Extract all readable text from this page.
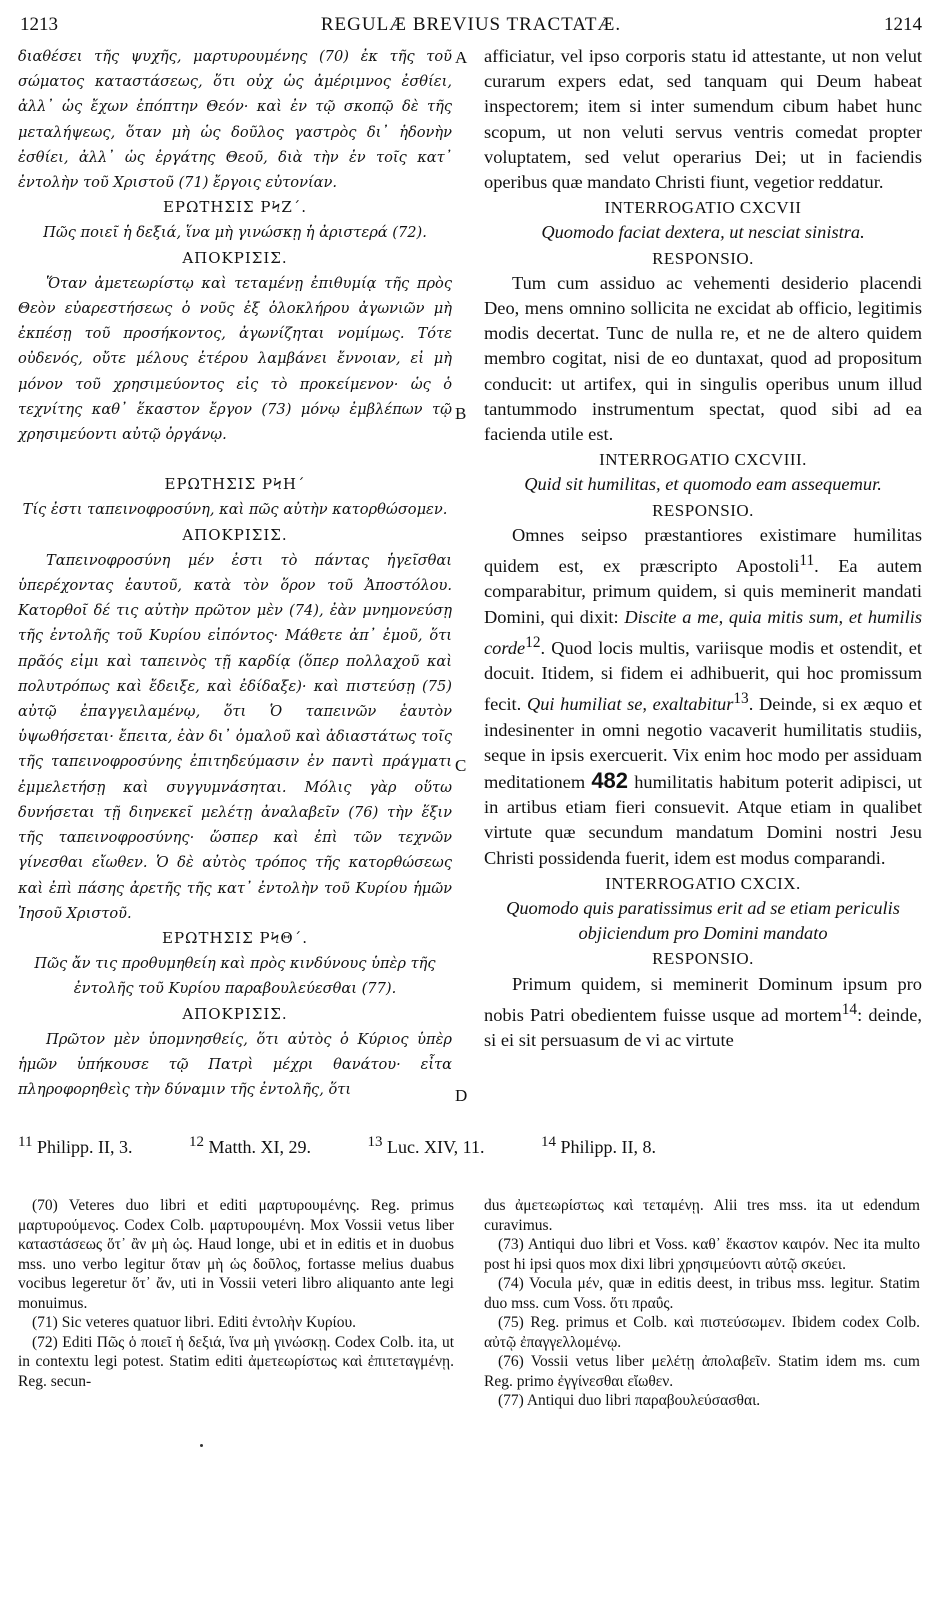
1213	REGULÆ BREVIUS TRACTATÆ.	1214
A
B
C
D

διαθέσει τῆς ψυχῆς, μαρτυρουμένης (70) ἐκ τῆς τοῦ σώματος καταστάσεως, ὅτι οὐχ ὡς ἀμέριμνος ἐσθίει, ἀλλ᾽ ὡς ἔχων ἐπόπτην Θεόν· καὶ ἐν τῷ σκοπῷ δὲ τῆς μεταλήψεως, ὅταν μὴ ὡς δοῦλος γαστρὸς δι᾽ ἡδονὴν ἐσθίει, ἀλλ᾽ ὡς ἐργάτης Θεοῦ, διὰ τὴν ἐν τοῖς κατ᾽ ἐντολὴν τοῦ Χριστοῦ (71) ἔργοις εὐτονίαν.

ΕΡΩΤΗΣΙΣ ΡϞΖ΄.

Πῶς ποιεῖ ἡ δεξιά, ἵνα μὴ γινώσκῃ ἡ ἀριστερά (72).

ΑΠΟΚΡΙΣΙΣ.

Ὅταν ἀμετεωρίστῳ καὶ τεταμένῃ ἐπιθυμίᾳ τῆς πρὸς Θεὸν εὐαρεστήσεως ὁ νοῦς ἐξ ὁλοκλήρου ἀγωνιῶν μὴ ἐκπέσῃ τοῦ προσήκοντος, ἀγωνίζηται νομίμως. Τότε οὐδενός, οὔτε μέλους ἑτέρου λαμβάνει ἔννοιαν, εἰ μὴ μόνον τοῦ χρησιμεύοντος εἰς τὸ προκείμενον· ὡς ὁ τεχνίτης καθ᾽ ἕκαστον ἔργον (73) μόνῳ ἐμβλέπων τῷ χρησιμεύοντι αὐτῷ ὀργάνῳ.

ΕΡΩΤΗΣΙΣ ΡϞΗ΄

Τίς ἐστι ταπεινοφροσύνη, καὶ πῶς αὐτὴν κατορθώσομεν.

ΑΠΟΚΡΙΣΙΣ.

Ταπεινοφροσύνη μέν ἐστι τὸ πάντας ἡγεῖσθαι ὑπερέχοντας ἑαυτοῦ, κατὰ τὸν ὅρον τοῦ Ἀποστόλου. Κατορθοῖ δέ τις αὐτὴν πρῶτον μὲν (74), ἐὰν μνημονεύσῃ τῆς ἐντολῆς τοῦ Κυρίου εἰπόντος· Μάθετε ἀπ᾽ ἐμοῦ, ὅτι πρᾶός εἰμι καὶ ταπεινὸς τῇ καρδίᾳ (ὅπερ πολλαχοῦ καὶ πολυτρόπως καὶ ἔδειξε, καὶ ἐδίδαξε)· καὶ πιστεύσῃ (75) αὐτῷ ἐπαγγειλαμένῳ, ὅτι Ὁ ταπεινῶν ἑαυτὸν ὑψωθήσεται· ἔπειτα, ἐὰν δι᾽ ὁμαλοῦ καὶ ἀδιαστάτως τοῖς τῆς ταπεινοφροσύνης ἐπιτηδεύμασιν ἐν παντὶ πράγματι ἐμμελετήσῃ καὶ συγγυμνάσηται. Μόλις γὰρ οὕτω δυνήσεται τῇ διηνεκεῖ μελέτῃ ἀναλαβεῖν (76) τὴν ἕξιν τῆς ταπεινοφροσύνης· ὥσπερ καὶ ἐπὶ τῶν τεχνῶν γίνεσθαι εἴωθεν. Ὁ δὲ αὐτὸς τρόπος τῆς κατορθώσεως καὶ ἐπὶ πάσης ἀρετῆς τῆς κατ᾽ ἐντολὴν τοῦ Κυρίου ἡμῶν Ἰησοῦ Χριστοῦ.

ΕΡΩΤΗΣΙΣ ΡϞΘ΄.

Πῶς ἄν τις προθυμηθείη καὶ πρὸς κινδύνους ὑπὲρ τῆς ἐντολῆς τοῦ Κυρίου παραβουλεύεσθαι (77).

ΑΠΟΚΡΙΣΙΣ.

Πρῶτον μὲν ὑπομνησθείς, ὅτι αὐτὸς ὁ Κύριος ὑπὲρ ἡμῶν ὑπήκουσε τῷ Πατρὶ μέχρι θανάτου· εἶτα πληροφορηθεὶς τὴν δύναμιν τῆς ἐντολῆς, ὅτι

afficiatur, vel ipso corporis statu id attestante, ut non velut curarum expers edat, sed tanquam qui Deum habeat inspectorem; item si inter sumendum cibum habet hunc scopum, ut non veluti servus ventris comedat propter voluptatem, sed velut operarius Dei; ut in faciendis operibus quæ mandato Christi fiunt, vegetior reddatur.

INTERROGATIO CXCVII

Quomodo faciat dextera, ut nesciat sinistra.

RESPONSIO.

Tum cum assiduo ac vehementi desiderio placendi Deo, mens omnino sollicita ne excidat ab officio, legitimis modis decertat. Tunc de nulla re, et ne de altero quidem membro cogitat, nisi de eo duntaxat, quod ad propositum conducit: ut artifex, qui in singulis operibus unum illud tantummodo instrumentum spectat, quod sibi ad ea facienda utile est.

INTERROGATIO CXCVIII.

Quid sit humilitas, et quomodo eam assequemur.

RESPONSIO.

Omnes seipso præstantiores existimare humilitas quidem est, ex præscripto Apostoli$^{11}$. Ea autem comparabitur, primum quidem, si quis meminerit mandati Domini, qui dixit: Discite a me, quia mitis sum, et humilis corde$^{12}$. Quod locis multis, variisque modis et ostendit, et docuit. Itidem, si fidem ei adhibuerit, qui hoc promissum fecit. Qui humiliat se, exaltabitur$^{13}$. Deinde, si ex æquo et indesinenter in omni negotio vacaverit humilitatis studiis, seque in ipsis exercuerit. Vix enim hoc modo per assiduam meditationem 482 humilitatis habitum poterit adipisci, ut in artibus etiam fieri consuevit. Atque etiam in qualibet virtute quæ secundum mandatum Domini nostri Jesu Christi possidenda fuerit, idem est modus comparandi.

INTERROGATIO CXCIX.

Quomodo quis paratissimus erit ad se etiam periculis objiciendum pro Domini mandato

RESPONSIO.

Primum quidem, si meminerit Dominum ipsum pro nobis Patri obedientem fuisse usque ad mortem$^{14}$: deinde, si ei sit persuasum de vi ac virtute

$^{11}$ Philipp. II, 3.	$^{12}$ Matth. XI, 29.	$^{13}$ Luc. XIV, 11.	$^{14}$ Philipp. II, 8.

(70) Veteres duo libri et editi μαρτυρουμένης. Reg. primus μαρτυρούμενος. Codex Colb. μαρτυρουμένη. Mox Vossii vetus liber καταστάσεως ὅτ᾽ ἂν μὴ ὡς. Haud longe, ubi et in editis et in duobus mss. uno verbo legitur ὅταν μὴ ὡς δοῦλος, fortasse melius duabus vocibus legeretur ὅτ᾽ ἄν, uti in Vossii veteri libro aliquanto ante legi monuimus.

(71) Sic veteres quatuor libri. Editi ἐντολὴν Κυρίου.

(72) Editi Πῶς ὁ ποιεῖ ἡ δεξιά, ἵνα μὴ γινώσκῃ. Codex Colb. ita, ut in contextu legi potest. Statim editi ἀμετεωρίστως καὶ ἐπιτεταγμένῃ. Reg. secun-

dus ἀμετεωρίστως καὶ τεταμένῃ. Alii tres mss. ita ut edendum curavimus.

(73) Antiqui duo libri et Voss. καθ᾽ ἕκαστον καιρόν. Nec ita multo post hi ipsi quos mox dixi libri χρησιμεύοντι αὐτῷ σκεύει.

(74) Vocula μέν, quæ in editis deest, in tribus mss. legitur. Statim duo mss. cum Voss. ὅτι πραΰς.

(75) Reg. primus et Colb. καὶ πιστεύσωμεν. Ibidem codex Colb. αὐτῷ ἐπαγγελλομένῳ.

(76) Vossii vetus liber μελέτῃ ἀπολαβεῖν. Statim idem ms. cum Reg. primo ἐγγίνεσθαι εἴωθεν.

(77) Antiqui duo libri παραβουλεύσασθαι.
